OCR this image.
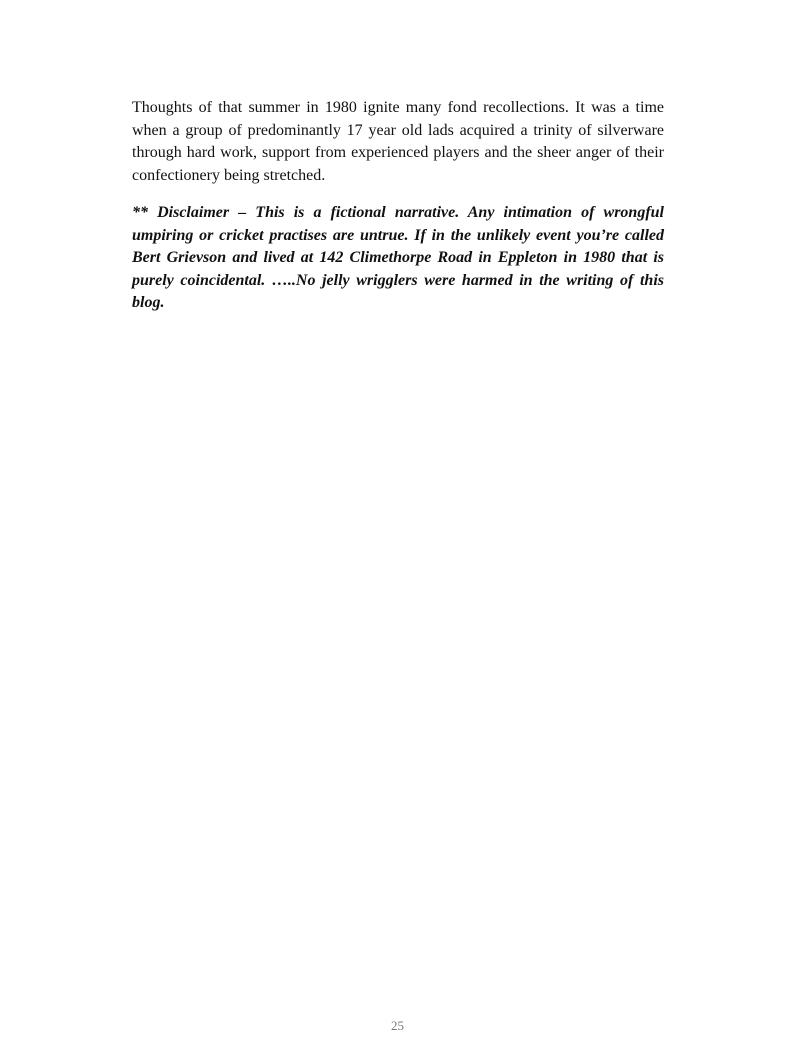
Thoughts of that summer in 1980 ignite many fond recollections. It was a time when a group of predominantly 17 year old lads acquired a trinity of silverware through hard work, support from experienced players and the sheer anger of their confectionery being stretched.

** Disclaimer – This is a fictional narrative. Any intimation of wrongful umpiring or cricket practises are untrue. If in the unlikely event you’re called Bert Grievson and lived at 142 Climethorpe Road in Eppleton in 1980 that is purely coincidental. …..No jelly wrigglers were harmed in the writing of this blog.

25
